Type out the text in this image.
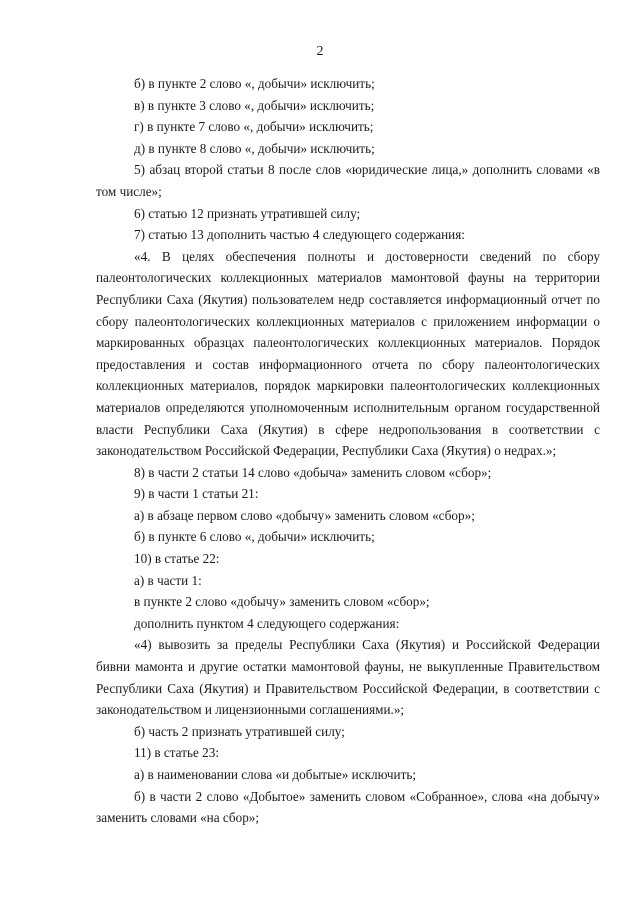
2

б) в пункте 2 слово «, добычи» исключить;

в) в пункте 3 слово «, добычи» исключить;

г) в пункте 7 слово «, добычи» исключить;

д) в пункте 8 слово «, добычи» исключить;

5) абзац второй статьи 8 после слов «юридические лица,» дополнить словами «в том числе»;

6) статью 12 признать утратившей силу;

7) статью 13 дополнить частью 4 следующего содержания:

«4. В целях обеспечения полноты и достоверности сведений по сбору палеонтологических коллекционных материалов мамонтовой фауны на территории Республики Саха (Якутия) пользователем недр составляется информационный отчет по сбору палеонтологических коллекционных материалов с приложением информации о маркированных образцах палеонтологических коллекционных материалов. Порядок предоставления и состав информационного отчета по сбору палеонтологических коллекционных материалов, порядок маркировки палеонтологических коллекционных материалов определяются уполномоченным исполнительным органом государственной власти Республики Саха (Якутия) в сфере недропользования в соответствии с законодательством Российской Федерации, Республики Саха (Якутия) о недрах.»;

8) в части 2 статьи 14 слово «добыча» заменить словом «сбор»;

9) в части 1 статьи 21:

а) в абзаце первом слово «добычу» заменить словом «сбор»;

б) в пункте 6 слово «, добычи» исключить;

10) в статье 22:

а) в части 1:

в пункте 2 слово «добычу» заменить словом «сбор»;

дополнить пунктом 4 следующего содержания:

«4) вывозить за пределы Республики Саха (Якутия) и Российской Федерации бивни мамонта и другие остатки мамонтовой фауны, не выкупленные Правительством Республики Саха (Якутия) и Правительством Российской Федерации, в соответствии с законодательством и лицензионными соглашениями.»;

б) часть 2 признать утратившей силу;

11) в статье 23:

а) в наименовании слова «и добытые» исключить;

б) в части 2 слово «Добытое» заменить словом «Собранное», слова «на добычу» заменить словами «на сбор»;
